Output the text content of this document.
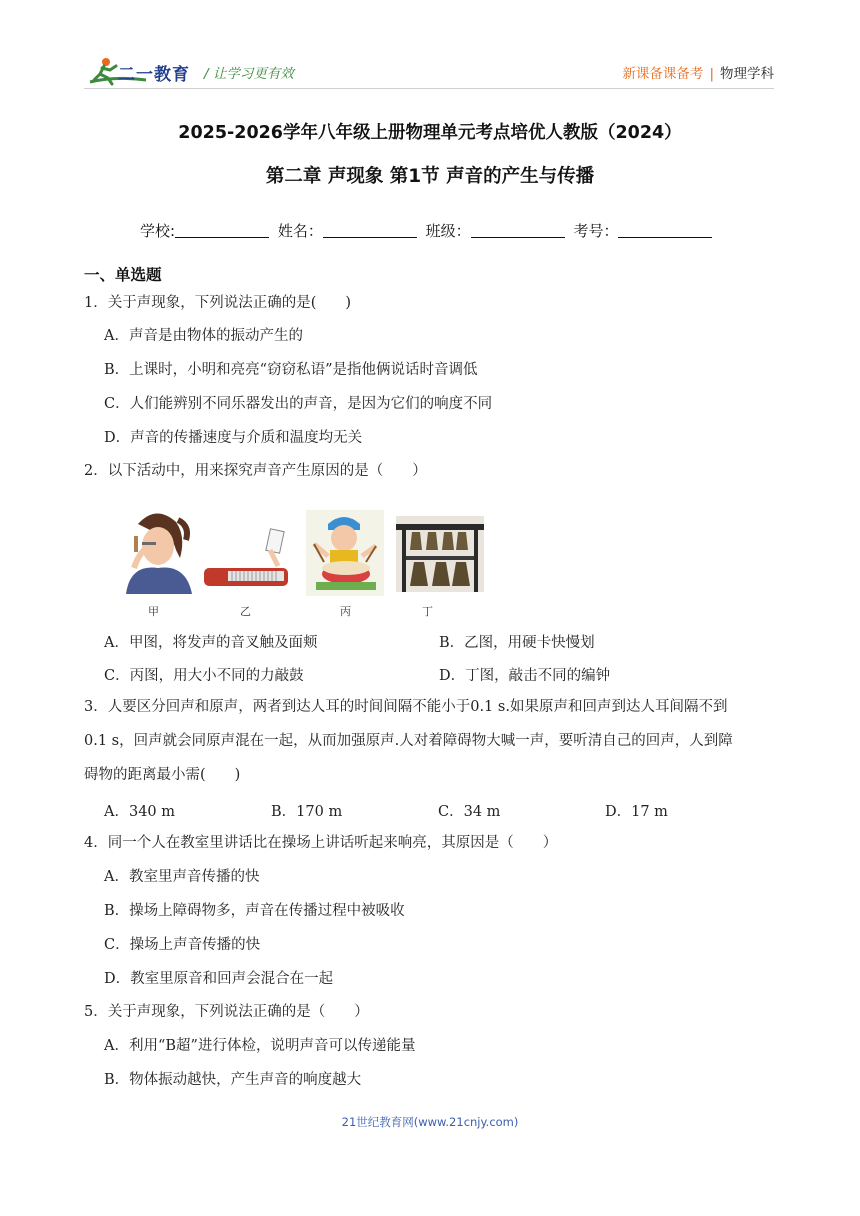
二一教育 / 让学习更有效	新课备课备考 | 物理学科
2025-2026学年八年级上册物理单元考点培优人教版（2024）
第二章 声现象 第1节 声音的产生与传播
学校:	姓名：	班级：	考号：
一、单选题
1．关于声现象，下列说法正确的是(　　)
A．声音是由物体的振动产生的
B．上课时，小明和亮亮“窃窃私语”是指他俩说话时音调低
C．人们能辨别不同乐器发出的声音，是因为它们的响度不同
D．声音的传播速度与介质和温度均无关
2．以下活动中，用来探究声音产生原因的是（　　）
甲	乙	丙	丁
A．甲图，将发声的音叉触及面颊	B．乙图，用硬卡快慢划
C．丙图，用大小不同的力敲鼓	D．丁图，敲击不同的编钟
3．人要区分回声和原声，两者到达人耳的时间间隔不能小于0.1 s.如果原声和回声到达人耳间隔不到
0.1 s，回声就会同原声混在一起，从而加强原声.人对着障碍物大喊一声，要听清自己的回声，人到障
碍物的距离最小需(　　)
A．340 m	B．170 m	C．34 m	D．17 m
4．同一个人在教室里讲话比在操场上讲话听起来响亮，其原因是（　　）
A．教室里声音传播的快
B．操场上障碍物多，声音在传播过程中被吸收
C．操场上声音传播的快
D．教室里原音和回声会混合在一起
5．关于声现象，下列说法正确的是（　　）
A．利用“B超”进行体检，说明声音可以传递能量
B．物体振动越快，产生声音的响度越大
21世纪教育网(www.21cnjy.com)
